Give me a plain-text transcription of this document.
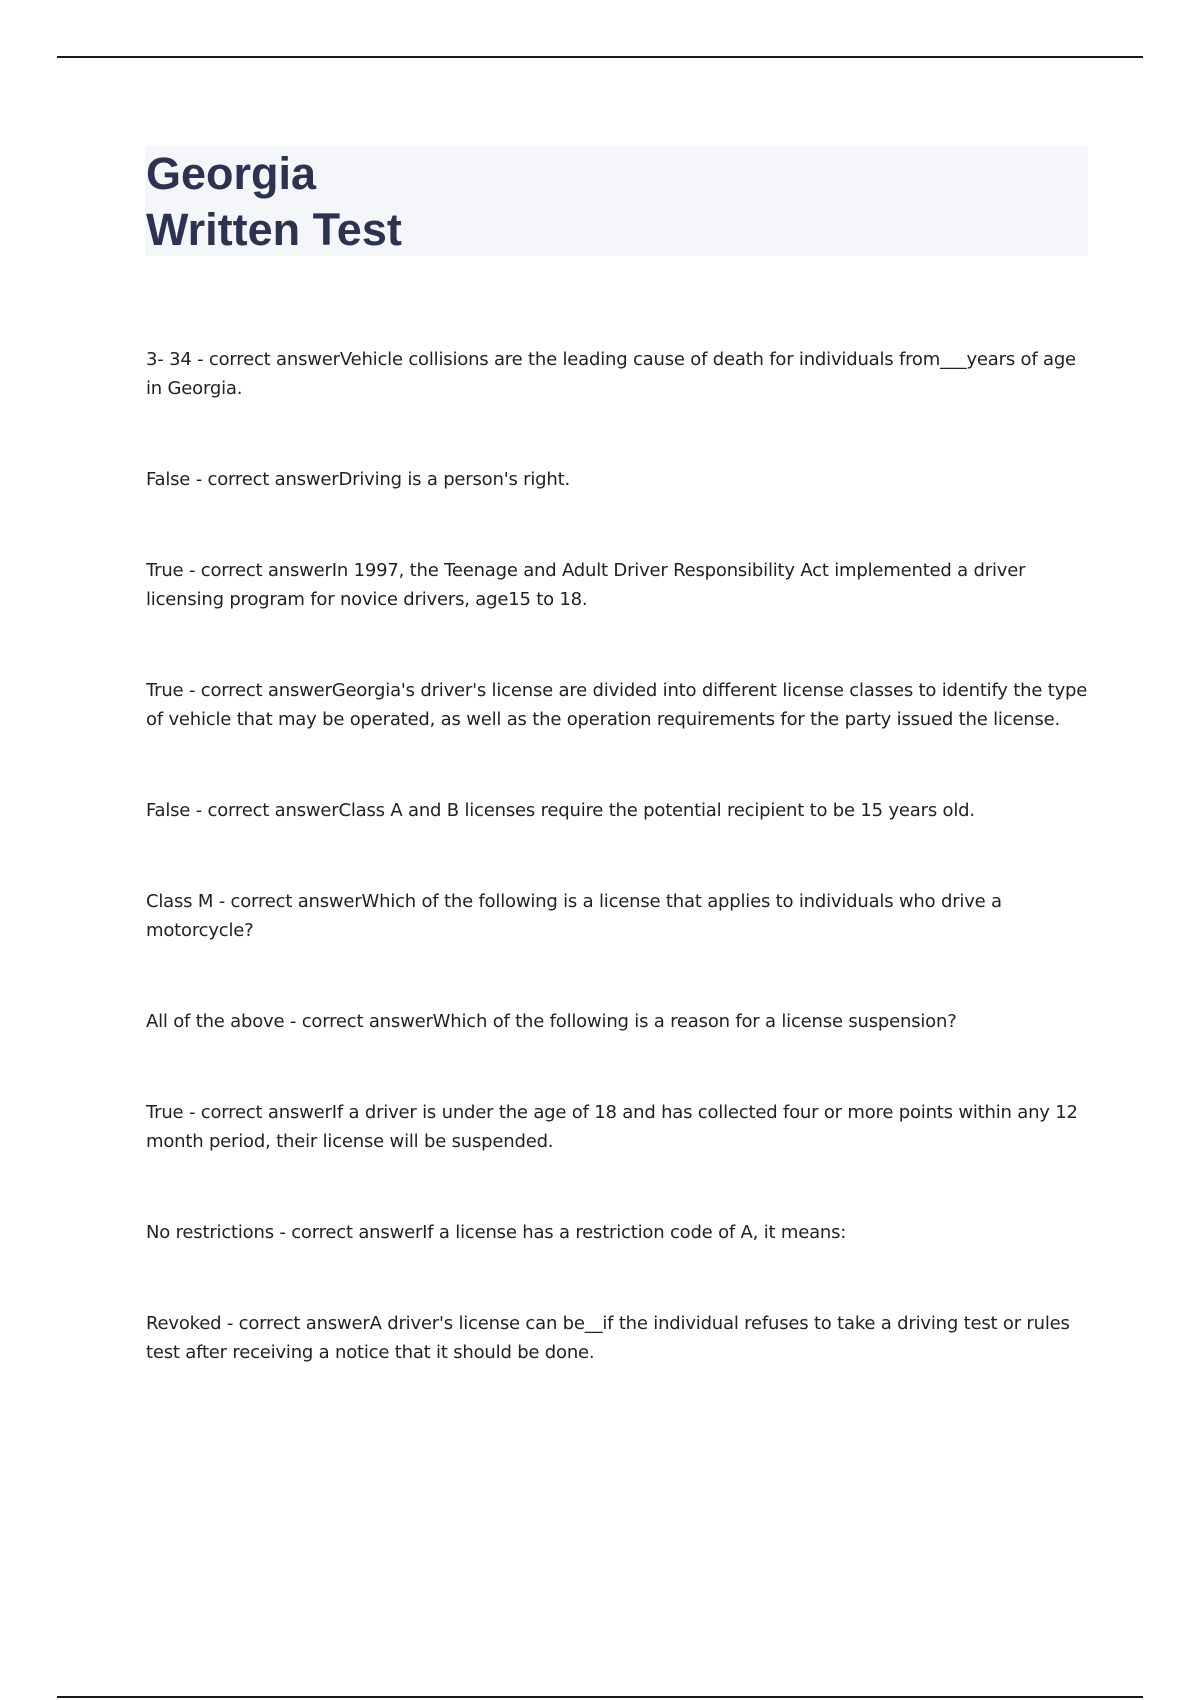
Georgia
Written Test
3- 34 - correct answerVehicle collisions are the leading cause of death for individuals from___years of age in Georgia.
False - correct answerDriving is a person's right.
True - correct answerIn 1997, the Teenage and Adult Driver Responsibility Act implemented a driver licensing program for novice drivers, age15 to 18.
True - correct answerGeorgia's driver's license are divided into different license classes to identify the type of vehicle that may be operated, as well as the operation requirements for the party issued the license.
False - correct answerClass A and B licenses require the potential recipient to be 15 years old.
Class M - correct answerWhich of the following is a license that applies to individuals who drive a motorcycle?
All of the above - correct answerWhich of the following is a reason for a license suspension?
True - correct answerIf a driver is under the age of 18 and has collected four or more points within any 12 month period, their license will be suspended.
No restrictions - correct answerIf a license has a restriction code of A, it means:
Revoked - correct answerA driver's license can be__if the individual refuses to take a driving test or rules test after receiving a notice that it should be done.
